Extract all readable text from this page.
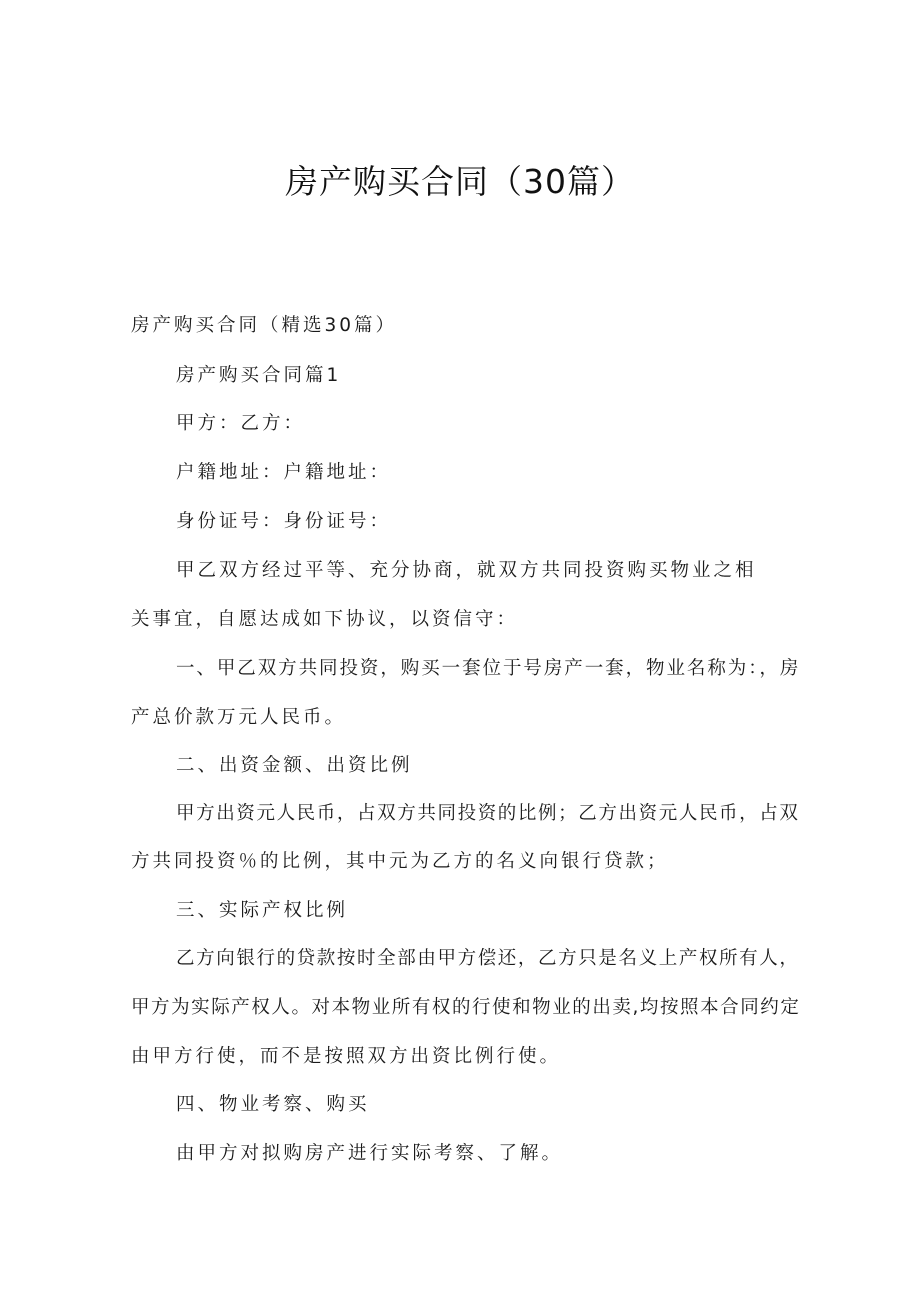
房产购买合同（30篇）
房产购买合同（精选30篇）
房产购买合同篇1
甲方：乙方：
户籍地址：户籍地址：
身份证号：身份证号：
甲乙双方经过平等、充分协商，就双方共同投资购买物业之相
关事宜，自愿达成如下协议，以资信守：
一、甲乙双方共同投资，购买一套位于号房产一套，物业名称为：，房
产总价款万元人民币。
二、出资金额、出资比例
甲方出资元人民币，占双方共同投资的比例；乙方出资元人民币，占双
方共同投资％的比例，其中元为乙方的名义向银行贷款；
三、实际产权比例
乙方向银行的贷款按时全部由甲方偿还，乙方只是名义上产权所有人，
甲方为实际产权人。对本物业所有权的行使和物业的出卖,均按照本合同约定
由甲方行使，而不是按照双方出资比例行使。
四、物业考察、购买
由甲方对拟购房产进行实际考察、了解。
